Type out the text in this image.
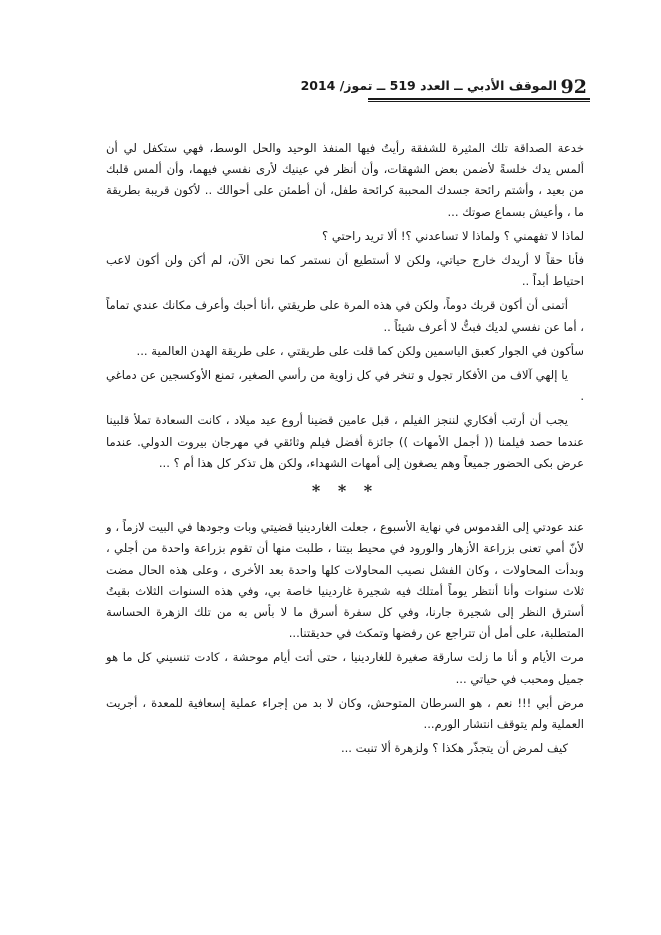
92
الموقف الأدبي ــ العدد 519 ــ تموز/ 2014

خدعة الصداقة تلك المثيرة للشفقة رأيتُ فيها المنفذ الوحيد والحل الوسط، فهي ستكفل لي أن ألمس يدك خلسةً لأضمن بعض الشهقات، وأن أنظر في عينيك لأرى نفسي فيهما، وأن ألمس قلبك من بعيد ، وأشتم رائحة جسدك المحببة كرائحة طفل، أن أطمئن على أحوالك .. لأكون قريبة بطريقة ما ، وأعيش بسماع صوتك ...

لماذا لا تفهمني ؟ ولماذا لا تساعدني ؟! ألا تريد راحتي ؟

فأنا حقاً لا أريدك خارج حياتي، ولكن لا أستطيع أن نستمر كما نحن الآن، لم أكن ولن أكون لاعب احتياط أبداً ..

أتمنى أن أكون قربك دوماً، ولكن في هذه المرة على طريقتي ،أنا أحبك وأعرف مكانك عندي تماماً ، أما عن نفسي لديك فبتُّ لا أعرف شيئاً ..

سأكون في الجوار كعبق الياسمين ولكن كما قلت على طريقتي ، على طريقة الهدن العالمية ...

يا إلهي آلاف من الأفكار تجول و تنخر في كل زاوية من رأسي الصغير، تمنع الأوكسجين عن دماغي .

يجب أن أرتب أفكاري لننجز الفيلم ، قبل عامين قضينا أروع عيد ميلاد ، كانت السعادة تملأ قلبينا عندما حصد فيلمنا (( أجمل الأمهات )) جائزة أفضل فيلم وثائقي في مهرجان بيروت الدولي. عندما عرض بكى الحضور جميعاً وهم يصغون إلى أمهات الشهداء، ولكن هل تذكر كل هذا أم ؟ ...

* * *

عند عودتي إلى القدموس في نهاية الأسبوع ، جعلت الغاردينيا قضيتي وبات وجودها في البيت لازماً ، و لأنّ أمي تعنى بزراعة الأزهار والورود في محيط بيتنا ، طلبت منها أن تقوم بزراعة واحدة من أجلي ، وبدأت المحاولات ، وكان الفشل نصيب المحاولات كلها واحدة بعد الأخرى ، وعلى هذه الحال مضت ثلاث سنوات وأنا أنتظر يوماً أمتلك فيه شجيرة غاردينيا خاصة بي، وفي هذه السنوات الثلاث بقيتُ أسترق النظر إلى شجيرة جارنا، وفي كل سفرة أسرق ما لا بأس به من تلك الزهرة الحساسة المتطلبة، على أمل أن تتراجع عن رفضها وتمكث في حديقتنا...

مرت الأيام و أنا ما زلت سارقة صغيرة للغاردينيا ، حتى أتت أيام موحشة ، كادت تنسيني كل ما هو جميل ومحبب في حياتي ...

مرض أبي !!! نعم ، هو السرطان المتوحش، وكان لا بد من إجراء عملية إسعافية للمعدة ، أجريت العملية ولم يتوقف انتشار الورم...

كيف لمرض أن يتجذّر هكذا ؟ ولزهرة ألا تنبت ...
